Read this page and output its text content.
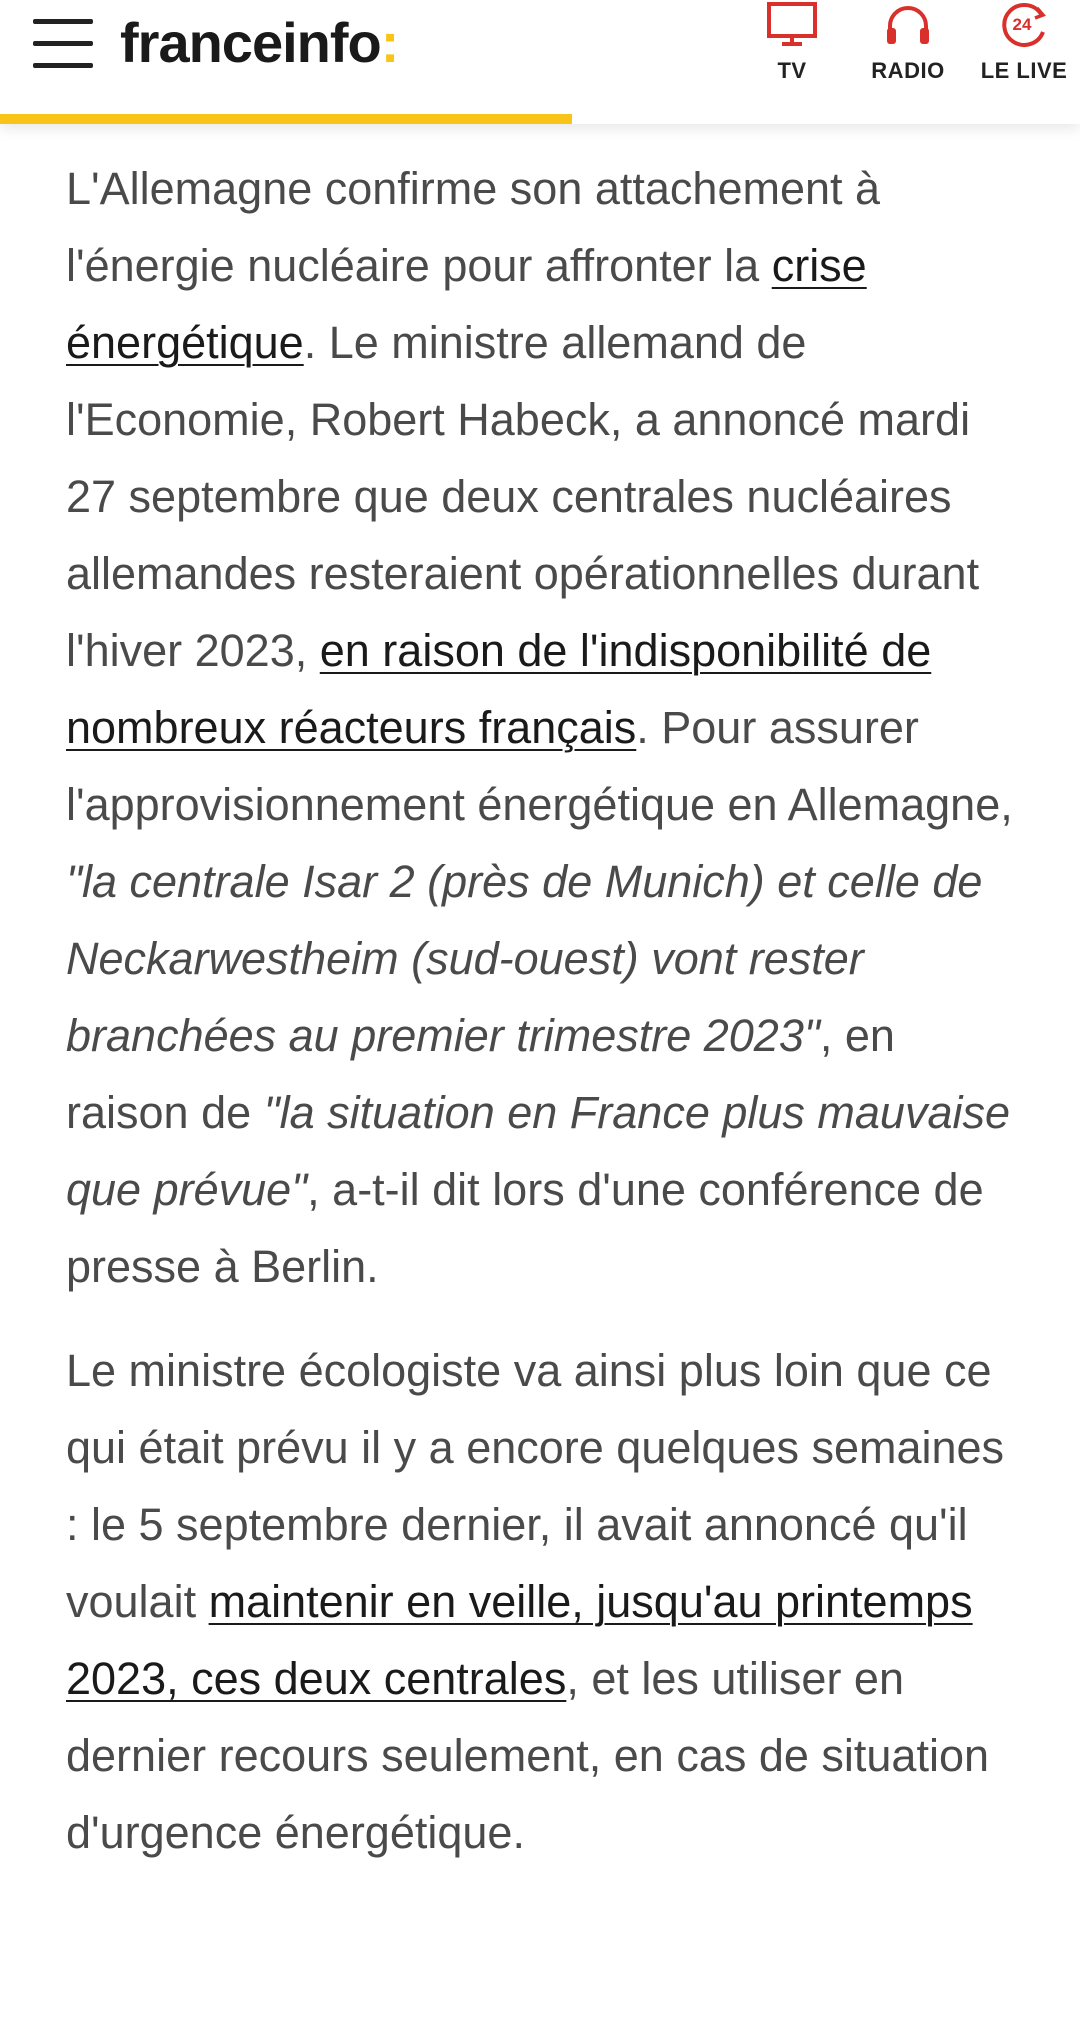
franceinfo:	TV	RADIO
24
LE LIVE

L'Allemagne confirme son attachement à l'énergie nucléaire pour affronter la crise énergétique. Le ministre allemand de l'Economie, Robert Habeck, a annoncé mardi 27 septembre que deux centrales nucléaires allemandes resteraient opérationnelles durant l'hiver 2023, en raison de l'indisponibilité de nombreux réacteurs français. Pour assurer l'approvisionnement énergétique en Allemagne, "la centrale Isar 2 (près de Munich) et celle de Neckarwestheim (sud-ouest) vont rester branchées au premier trimestre 2023", en raison de "la situation en France plus mauvaise que prévue", a-t-il dit lors d'une conférence de presse à Berlin.

Le ministre écologiste va ainsi plus loin que ce qui était prévu il y a encore quelques semaines : le 5 septembre dernier, il avait annoncé qu'il voulait maintenir en veille, jusqu'au printemps 2023, ces deux centrales, et les utiliser en dernier recours seulement, en cas de situation d'urgence énergétique.
